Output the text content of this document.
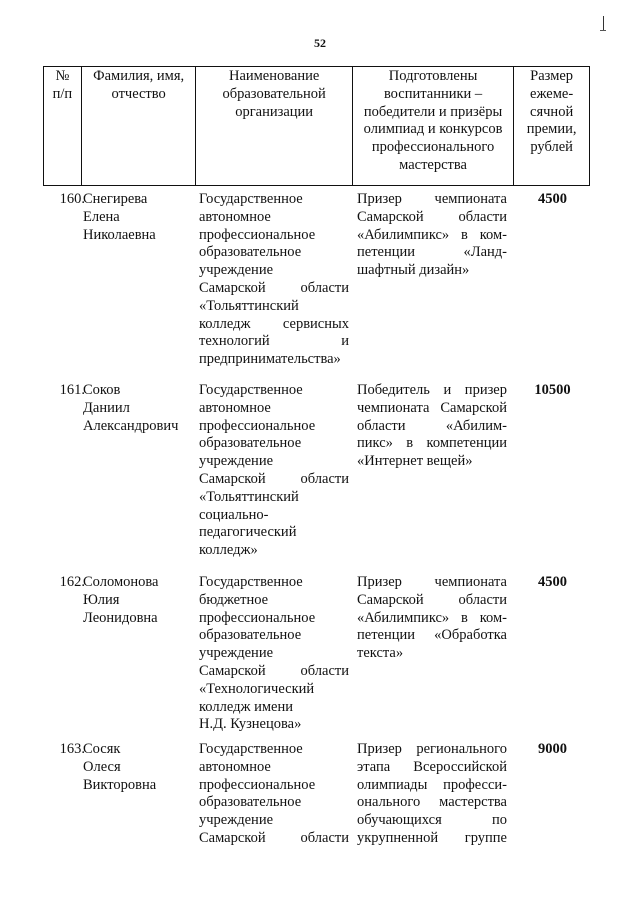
52
№
п/п
Фамилия, имя,
отчество
Наименование
образовательной
организации
Подготовлены
воспитанники –
победители и призёры
олимпиад и конкурсов
профессионального
мастерства
Размер
ежеме-
сячной
премии,
рублей
160.
Снегирева
Елена
Николаевна
Государственное
автономное
профессиональное
образовательное
учреждение
Самарской области
«Тольяттинский
колледж сервисных
технологий и
предпринимательства»
Призер чемпионата
Самарской области
«Абилимпикс» в ком-
петенции «Ланд-
шафтный дизайн»
4500
161.
Соков
Даниил
Александрович
Государственное
автономное
профессиональное
образовательное
учреждение
Самарской области
«Тольяттинский
социально-
педагогический
колледж»
Победитель и призер
чемпионата Самарской
области «Абилим-
пикс» в компетенции
«Интернет вещей»
10500
162.
Соломонова
Юлия
Леонидовна
Государственное
бюджетное
профессиональное
образовательное
учреждение
Самарской области
«Технологический
колледж имени
Н.Д. Кузнецова»
Призер чемпионата
Самарской области
«Абилимпикс» в ком-
петенции «Обработка
текста»
4500
163.
Сосяк
Олеся
Викторовна
Государственное
автономное
профессиональное
образовательное
учреждение
Самарской области
Призер регионального
этапа Всероссийской
олимпиады професси-
онального мастерства
обучающихся по
укрупненной группе
9000
